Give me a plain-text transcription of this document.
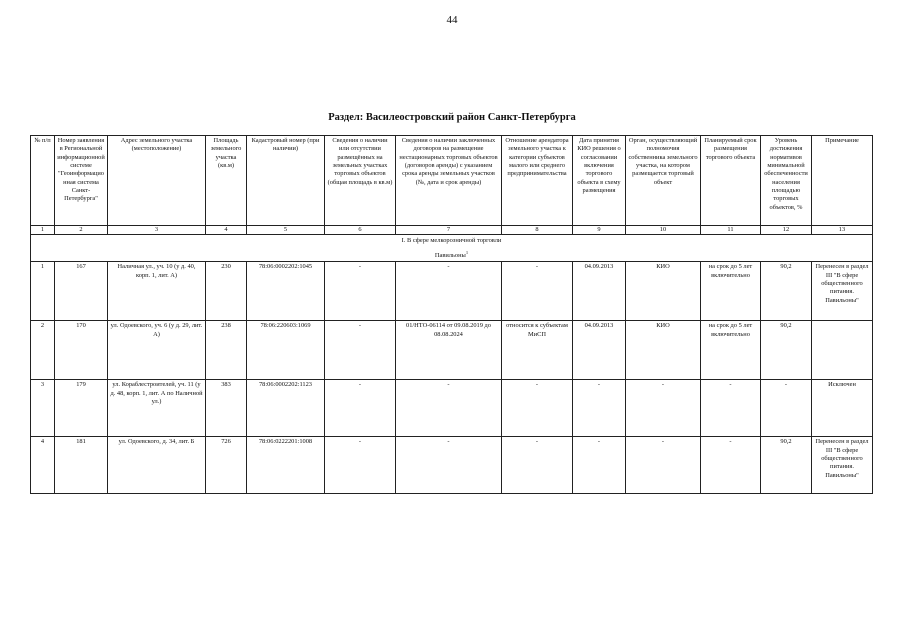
44
Раздел: Василеостровский район Санкт-Петербурга
№ п/п	Номер заявления в Региональной информационной системе "Геоинформационная система Санкт-Петербурга"	Адрес земельного участка (местоположение)	Площадь земельного участка (кв.м)	Кадастровый номер (при наличии)	Сведения о наличии или отсутствии размещённых на земельных участках торговых объектов (общая площадь в кв.м)	Сведения о наличии заключенных договоров на размещение нестационарных торговых объектов (договоров аренды) с указанием срока аренды земельных участков (№, дата и срок аренды)	Отношение арендатора земельного участка к категории субъектов малого или среднего предпринимательства	Дата принятия КИО решения о согласовании включения торгового объекта в схему размещения	Орган, осуществляющий полномочия собственника земельного участка, на котором размещается торговый объект	Планируемый срок размещения торгового объекта	Уровень достижения нормативов минимальной обеспеченности населения площадью торговых объектов, %	Примечание
1	2	3	4	5	6	7	8	9	10	11	12	13
I. В сфере мелкорозничной торговли												
Павильоны$^1$
1	167	Наличная ул., уч. 10 (у д. 40, корп. 1, лит. А)	230	78:06:0002202:1045	-	-	-	04.09.2013	КИО	на срок до 5 лет включительно	90,2	Перенесен в раздел III "В сфере общественного питания. Павильоны"
2	170	ул. Одоевского, уч. 6 (у д. 29, лит. А)	238	78:06:220603:1069	-	01/НТО-06114 от 09.08.2019 до 08.08.2024	относится к субъектам МиСП	04.09.2013	КИО	на срок до 5 лет включительно	90,2	
3	179	ул. Кораблестроителей, уч. 11 (у д. 48, корп. 1, лит. А по Наличной ул.)	383	78:06:0002202:1123	-	-	-	-	-	-	-	Исключен
4	181	ул. Одоевского, д. 34, лит. Б	726	78:06:0222201:1008	-	-	-	-	-	-	90,2	Перенесен в раздел III "В сфере общественного питания. Павильоны"
